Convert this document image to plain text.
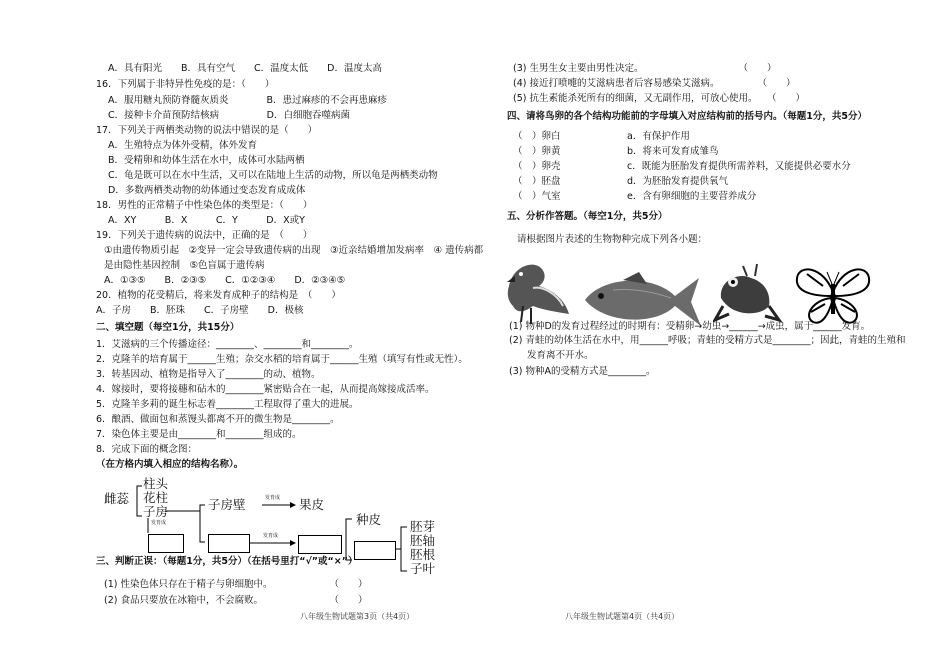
A．具有阳光　　B．具有空气　　C．温度太低　　D．温度太高
16．下列属于非特异性免疫的是：（　　）
A．服用糖丸预防脊髓灰质炎　　　　B．患过麻疹的不会再患麻疹
C．接种卡介苗预防结核病　　　　　D．白细胞吞噬病菌
17．下列关于两栖类动物的说法中错误的是（　　）
A．生殖特点为体外受精，体外发育
B．受精卵和幼体生活在水中，成体可水陆两栖
C．龟是既可以在水中生活，又可以在陆地上生活的动物，所以龟是两栖类动物
D．多数两栖类动物的幼体通过变态发育成成体
18．男性的正常精子中性染色体的类型是：（　　）
A．XY　　　B．X　　　C．Y　　　D．X或Y
19．下列关于遗传病的说法中，正确的是　（　　）
①由遗传物质引起　②变异一定会导致遗传病的出现　③近亲结婚增加发病率　④ 遗传病都
是由隐性基因控制　⑤色盲属于遗传病
A．①③⑤　　B．②③⑤　　C．①②③④　　D．②③④⑤
20．植物的花受精后，将来发育成种子的结构是　（　　）
A．子房　　B．胚珠　　C．子房壁　　D．极核
二、填空题（每空1分，共15分）
1．艾滋病的三个传播途径：________、________和________。
2．克隆羊的培育属于______生殖；杂交水稻的培育属于______生殖（填写有性或无性）。
3．转基因动、植物是指导入了________的动、植物。
4．嫁接时，要将接穗和砧木的________紧密贴合在一起，从而提高嫁接成活率。
5．克隆羊多莉的诞生标志着________工程取得了重大的进展。
6．酿酒、做面包和蒸馒头都离不开的微生物是________。
7．染色体主要是由________和________组成的。
8．完成下面的概念图：
（在方格内填入相应的结构名称）。
雌蕊
柱头
花柱
子房	子房壁	发育成 果皮
发育成
发育成
种皮 胚芽
胚轴
胚根
子叶
三、判断正误：（每题1分，共5分）（在括号里打“√”或“×”）
(1) 性染色体只存在于精子与卵细胞中。　　　　　　　（　　）
(2) 食品只要放在冰箱中，不会腐败。　　　　　　　　（　　）
八年级生物试题第3页（共4页）
(3) 生男生女主要由男性决定。　　　　　　　　　　　（　　）
(4) 接近打喷嚏的艾滋病患者后容易感染艾滋病。　　　　　（　　）
(5) 抗生素能杀死所有的细菌，又无副作用，可放心使用。　　（　　）
四、请将鸟卵的各个结构功能前的字母填入对应结构前的括号内。（每题1分，共5分）
（　）卵白　　　　　　　a．有保护作用
（　）卵黄　　　　　　　b．将来可发育成雏鸟
（　）卵壳　　　　　　　c．既能为胚胎发育提供所需养料，又能提供必要水分
（　）胚盘　　　　　　　d．为胚胎发育提供氧气
（　）气室　　　　　　　e．含有卵细胞的主要营养成分
五、分析作答题。（每空1分，共5分）
请根据图片表述的生物物种完成下列各小题：
(1) 物种D的发育过程经过的时期有：受精卵→幼虫→______→成虫，属于______发育。
(2) 青蛙的幼体生活在水中，用______呼吸；青蛙的受精方式是________；因此，青蛙的生殖和
发育离不开水。
(3) 物种A的受精方式是________。
八年级生物试题第4页（共4页）
